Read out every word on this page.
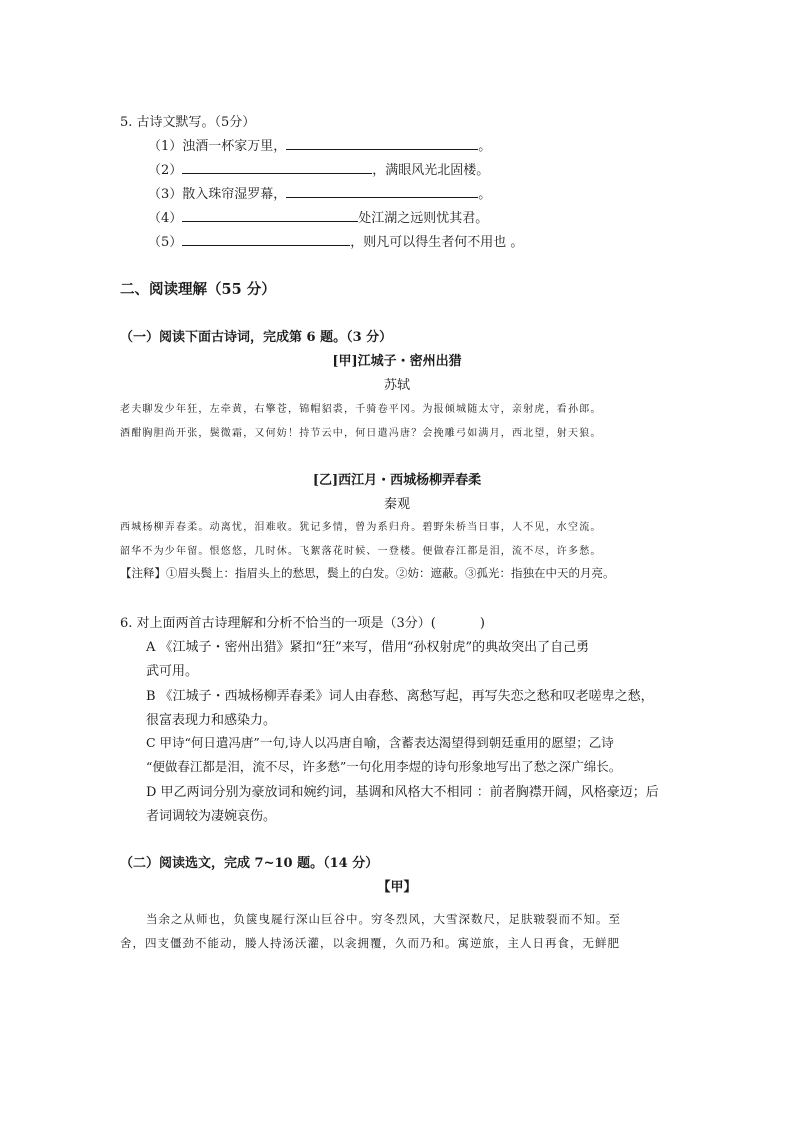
5. 古诗文默写。（5分）
（1）浊酒一杯家万里，	。
（2）	，满眼风光北固楼。
（3）散入珠帘湿罗幕，	。
（4）	处江湖之远则忧其君。
（5）	，则凡可以得生者何不用也 。
二、阅读理解（55 分）
（一）阅读下面古诗词，完成第 6 题。（3 分）
[甲]江城子・密州出猎
苏轼
老夫聊发少年狂，左牵黄，右擎苍，锦帽貂裘，千骑卷平冈。为报倾城随太守，亲射虎，看孙郎。
酒酣胸胆尚开张，鬓微霜，又何妨！持节云中，何日遣冯唐？会挽雕弓如满月，西北望，射天狼。
[乙]西江月・西城杨柳弄春柔
秦观
西城杨柳弄春柔。动离忧，泪难收。犹记多情，曾为系归舟。碧野朱桥当日事，人不见，水空流。
韶华不为少年留。恨悠悠，几时休。飞絮落花时候、一登楼。便做春江都是泪，流不尽，许多愁。
【注释】①眉头鬓上：指眉头上的愁思，鬓上的白发。②妨：遮蔽。③孤光：指独在中天的月亮。
6. 对上面两首古诗理解和分析不恰当的一项是（3分）(	)
A 《江城子・密州出猎》紧扣“狂”来写，借用“孙权射虎”的典故突出了自己勇
武可用。
B 《江城子・西城杨柳弄春柔》词人由春愁、离愁写起，再写失恋之愁和叹老嗟卑之愁，
很富表现力和感染力。
C 甲诗“何日遣冯唐”一句,诗人以冯唐自喻，含蓄表达渴望得到朝廷重用的愿望；乙诗
“便做春江都是泪，流不尽，许多愁”一句化用李煜的诗句形象地写出了愁之深广绵长。
D 甲乙两词分别为豪放词和婉约词，基调和风格大不相同 ：前者胸襟开阔，风格豪迈；后
者词调较为凄婉哀伤。
（二）阅读选文，完成 7~10 题。（14 分）
【甲】
当余之从师也，负箧曳屣行深山巨谷中。穷冬烈风，大雪深数尺，足肤皲裂而不知。至
舍，四支僵劲不能动，媵人持汤沃灌，以衾拥覆，久而乃和。寓逆旅，主人日再食，无鲜肥
